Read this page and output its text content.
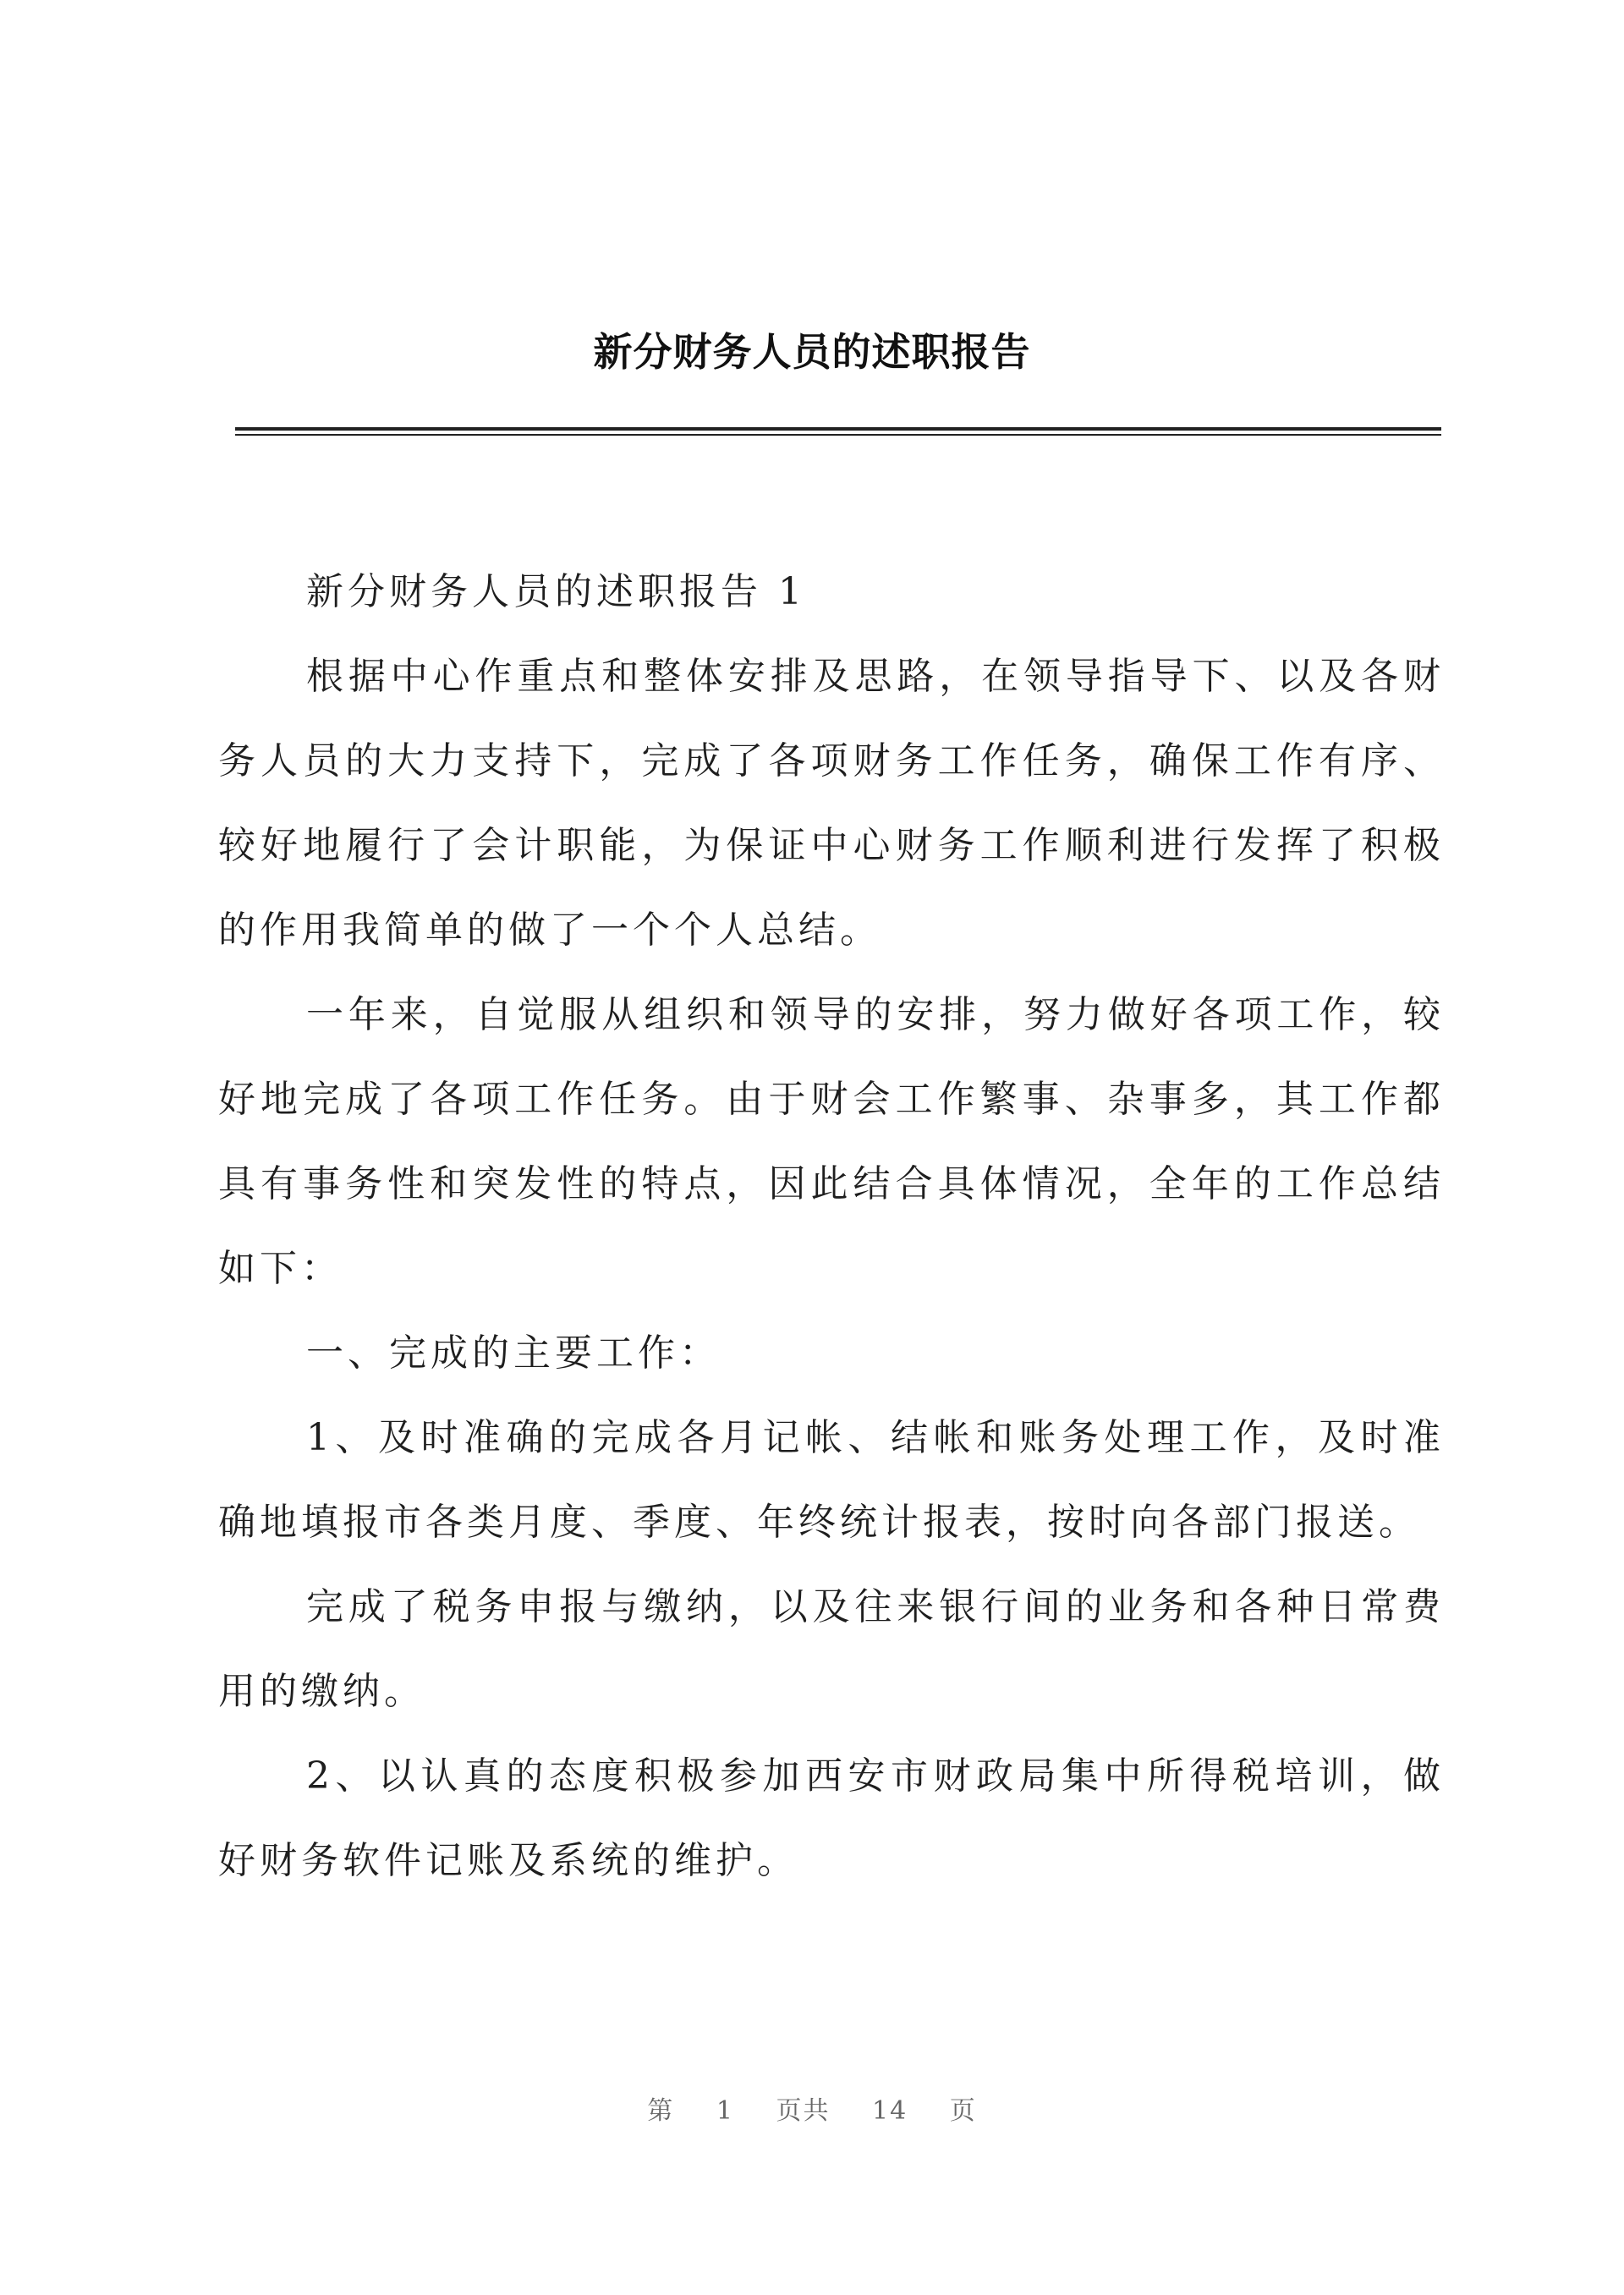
新分财务人员的述职报告

新分财务人员的述职报告 1

根据中心作重点和整体安排及思路，在领导指导下、以及各财务人员的大力支持下，完成了各项财务工作任务，确保工作有序、较好地履行了会计职能，为保证中心财务工作顺利进行发挥了积极的作用我简单的做了一个个人总结。

一年来，自觉服从组织和领导的安排，努力做好各项工作，较好地完成了各项工作任务。由于财会工作繁事、杂事多，其工作都具有事务性和突发性的特点，因此结合具体情况，全年的工作总结如下：

一、完成的主要工作：

1、及时准确的完成各月记帐、结帐和账务处理工作，及时准确地填报市各类月度、季度、年终统计报表，按时向各部门报送。

完成了税务申报与缴纳，以及往来银行间的业务和各种日常费用的缴纳。

2、以认真的态度积极参加西安市财政局集中所得税培训，做好财务软件记账及系统的维护。

第 1 页共 14 页
